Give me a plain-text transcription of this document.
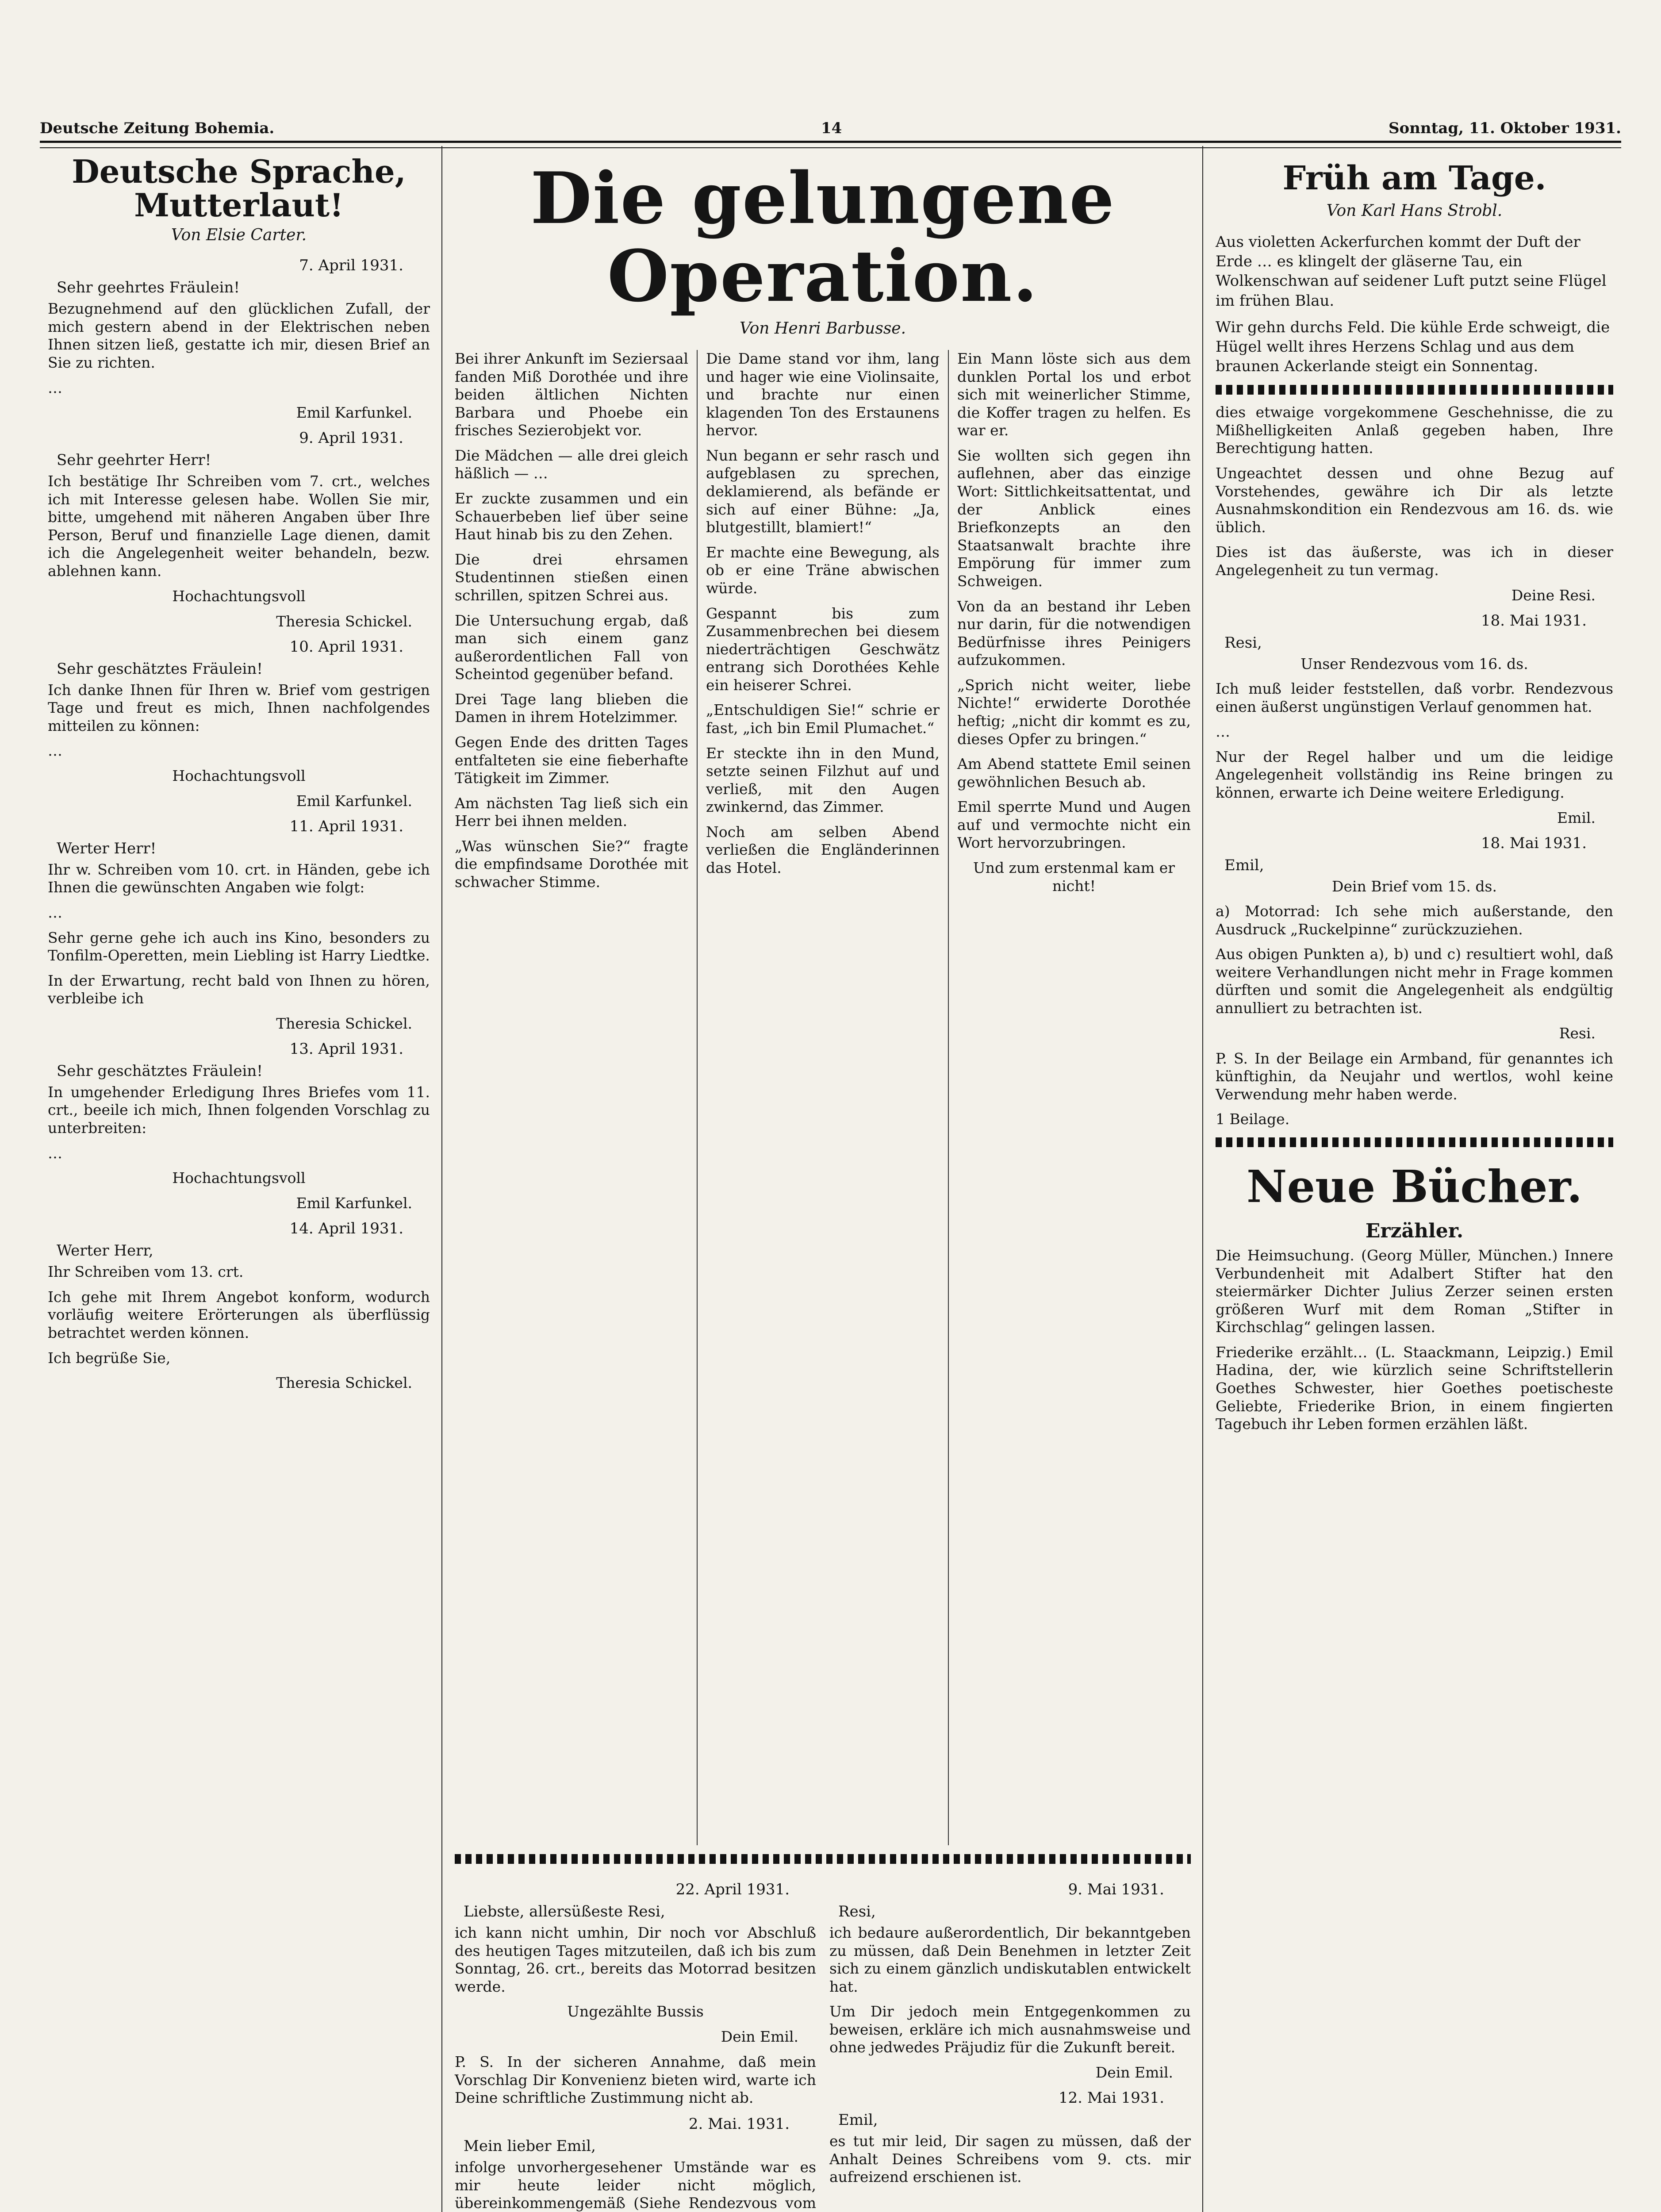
Deutsche Zeitung Bohemia.	14	Sonntag, 11. Oktober 1931.
Deutsche Sprache, Mutterlaut!
Von Elsie Carter.
7. April 1931.
Sehr geehrtes Fräulein!

Bezugnehmend auf den glücklichen Zufall, der mich gestern abend in der Elektrischen neben Ihnen sitzen ließ, gestatte ich mir, diesen Brief an Sie zu richten.

…

Emil Karfunkel.
9. April 1931.
Sehr geehrter Herr!

Ich bestätige Ihr Schreiben vom 7. crt., welches ich mit Interesse gelesen habe. Wollen Sie mir, bitte, umgehend mit näheren Angaben über Ihre Person, Beruf und finanzielle Lage dienen, damit ich die Angelegenheit weiter behandeln, bezw. ablehnen kann.

Hochachtungsvoll
Theresia Schickel.
10. April 1931.
Sehr geschätztes Fräulein!

Ich danke Ihnen für Ihren w. Brief vom gestrigen Tage und freut es mich, Ihnen nachfolgendes mitteilen zu können:

…

Hochachtungsvoll
Emil Karfunkel.
11. April 1931.
Werter Herr!

Ihr w. Schreiben vom 10. crt. in Händen, gebe ich Ihnen die gewünschten Angaben wie folgt:

…

Sehr gerne gehe ich auch ins Kino, besonders zu Tonfilm-Operetten, mein Liebling ist Harry Liedtke.

In der Erwartung, recht bald von Ihnen zu hören, verbleibe ich

Theresia Schickel.
13. April 1931.
Sehr geschätztes Fräulein!

In umgehender Erledigung Ihres Briefes vom 11. crt., beeile ich mich, Ihnen folgenden Vorschlag zu unterbreiten:

…

Hochachtungsvoll
Emil Karfunkel.
14. April 1931.
Werter Herr,

Ihr Schreiben vom 13. crt.

Ich gehe mit Ihrem Angebot konform, wodurch vorläufig weitere Erörterungen als überflüssig betrachtet werden können.

Ich begrüße Sie,

Theresia Schickel.
Die gelungene Operation.
Von Henri Barbusse.

Bei ihrer Ankunft im Seziersaal fanden Miß Dorothée und ihre beiden ältlichen Nichten Barbara und Phoebe ein frisches Sezierobjekt vor.

Die Mädchen — alle drei gleich häßlich — …

Er zuckte zusammen und ein Schauerbeben lief über seine Haut hinab bis zu den Zehen.

Die drei ehrsamen Studentinnen stießen einen schrillen, spitzen Schrei aus.

Die Untersuchung ergab, daß man sich einem ganz außerordentlichen Fall von Scheintod gegenüber befand.

Drei Tage lang blieben die Damen in ihrem Hotelzimmer.

Gegen Ende des dritten Tages entfalteten sie eine fieberhafte Tätigkeit im Zimmer.

Am nächsten Tag ließ sich ein Herr bei ihnen melden.

„Was wünschen Sie?“ fragte die empfindsame Dorothée mit schwacher Stimme.

Die Dame stand vor ihm, lang und hager wie eine Violinsaite, und brachte nur einen klagenden Ton des Erstaunens hervor.

Nun begann er sehr rasch und aufgeblasen zu sprechen, deklamierend, als befände er sich auf einer Bühne: „Ja, blutgestillt, blamiert!“

Er machte eine Bewegung, als ob er eine Träne abwischen würde.

Gespannt bis zum Zusammenbrechen bei diesem niederträchtigen Geschwätz entrang sich Dorothées Kehle ein heiserer Schrei.

„Entschuldigen Sie!“ schrie er fast, „ich bin Emil Plumachet.“

Er steckte ihn in den Mund, setzte seinen Filzhut auf und verließ, mit den Augen zwinkernd, das Zimmer.

Noch am selben Abend verließen die Engländerinnen das Hotel.

Ein Mann löste sich aus dem dunklen Portal los und erbot sich mit weinerlicher Stimme, die Koffer tragen zu helfen. Es war er.

Sie wollten sich gegen ihn auflehnen, aber das einzige Wort: Sittlichkeitsattentat, und der Anblick eines Briefkonzepts an den Staatsanwalt brachte ihre Empörung für immer zum Schweigen.

Von da an bestand ihr Leben nur darin, für die notwendigen Bedürfnisse ihres Peinigers aufzukommen.

„Sprich nicht weiter, liebe Nichte!“ erwiderte Dorothée heftig; „nicht dir kommt es zu, dieses Opfer zu bringen.“

Am Abend stattete Emil seinen gewöhnlichen Besuch ab.

Emil sperrte Mund und Augen auf und vermochte nicht ein Wort hervorzubringen.

Und zum erstenmal kam er nicht!

22. April 1931.
Liebste, allersüßeste Resi,

ich kann nicht umhin, Dir noch vor Abschluß des heutigen Tages mitzuteilen, daß ich bis zum Sonntag, 26. crt., bereits das Motorrad besitzen werde.

Ungezählte Bussis
Dein Emil.

P. S. In der sicheren Annahme, daß mein Vorschlag Dir Konvenienz bieten wird, warte ich Deine schriftliche Zustimmung nicht ab.

2. Mai. 1931.
Mein lieber Emil,

infolge unvorhergesehener Umstände war es mir heute leider nicht möglich, übereinkommengemäß (Siehe Rendezvous vom

9. Mai 1931.
Resi,

ich bedaure außerordentlich, Dir bekanntgeben zu müssen, daß Dein Benehmen in letzter Zeit sich zu einem gänzlich undiskutablen entwickelt hat.

Um Dir jedoch mein Entgegenkommen zu beweisen, erkläre ich mich ausnahmsweise und ohne jedwedes Präjudiz für die Zukunft bereit.

Dein Emil.
12. Mai 1931.
Emil,

es tut mir leid, Dir sagen zu müssen, daß der Anhalt Deines Schreibens vom 9. cts. mir aufreizend erschienen ist.

Früh am Tage.
Von Karl Hans Strobl.

Aus violetten Ackerfurchen kommt der Duft der Erde … es klingelt der gläserne Tau, ein Wolkenschwan auf seidener Luft putzt seine Flügel im frühen Blau.

Wir gehn durchs Feld. Die kühle Erde schweigt, die Hügel wellt ihres Herzens Schlag und aus dem braunen Ackerlande steigt ein Sonnentag.

dies etwaige vorgekommene Geschehnisse, die zu Mißhelligkeiten Anlaß gegeben haben, Ihre Berechtigung hatten.

Ungeachtet dessen und ohne Bezug auf Vorstehendes, gewähre ich Dir als letzte Ausnahmskondition ein Rendezvous am 16. ds. wie üblich.

Dies ist das äußerste, was ich in dieser Angelegenheit zu tun vermag.

Deine Resi.
18. Mai 1931.
Resi,

Unser Rendezvous vom 16. ds.

Ich muß leider feststellen, daß vorbr. Rendezvous einen äußerst ungünstigen Verlauf genommen hat.

…

Nur der Regel halber und um die leidige Angelegenheit vollständig ins Reine bringen zu können, erwarte ich Deine weitere Erledigung.

Emil.
18. Mai 1931.
Emil,

Dein Brief vom 15. ds.

a) Motorrad: Ich sehe mich außerstande, den Ausdruck „Ruckelpinne“ zurückzuziehen.

Aus obigen Punkten a), b) und c) resultiert wohl, daß weitere Verhandlungen nicht mehr in Frage kommen dürften und somit die Angelegenheit als endgültig annulliert zu betrachten ist.

Resi.

P. S. In der Beilage ein Armband, für genanntes ich künftighin, da Neujahr und wertlos, wohl keine Verwendung mehr haben werde.

1 Beilage.

Neue Bücher.
Erzähler.

Die Heimsuchung. (Georg Müller, München.) Innere Verbundenheit mit Adalbert Stifter hat den steiermärker Dichter Julius Zerzer seinen ersten größeren Wurf mit dem Roman „Stifter in Kirchschlag“ gelingen lassen.

Friederike erzählt… (L. Staackmann, Leipzig.) Emil Hadina, der, wie kürzlich seine Schriftstellerin Goethes Schwester, hier Goethes poetischeste Geliebte, Friederike Brion, in einem fingierten Tagebuch ihr Leben formen erzählen läßt.
